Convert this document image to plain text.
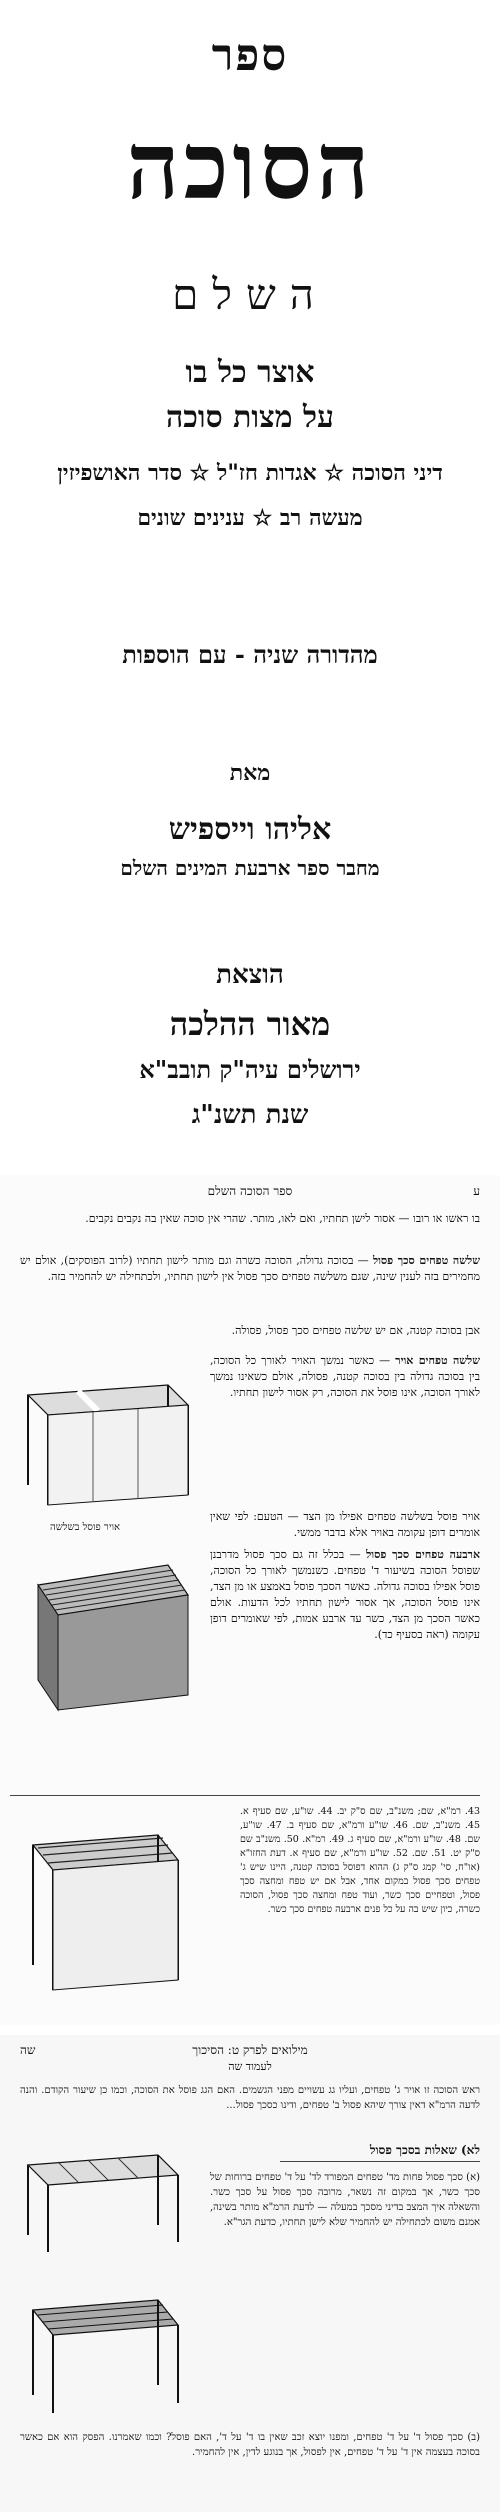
ספר
הסוכה
השלם
אוצר כל בו
על מצות סוכה
דיני הסוכה ☆ אגדות חז"ל ☆ סדר האושפיזין
מעשה רב ☆ ענינים שונים
מהדורה שניה - עם הוספות
מאת
אליהו וייספיש
מחבר ספר ארבעת המינים השלם
הוצאת
מאור ההלכה
ירושלים עיה"ק תובב"א
שנת תשנ"ג
ע
ספר הסוכה השלם
בו ראשו או רובו — אסור לישן תחתיו, ואם לאו, מותר. שהרי אין סוכה שאין בה נקבים נקבים.
שלשה טפחים סכך פסול — בסוכה גדולה, הסוכה כשרה וגם מותר לישון תחתיו (לרוב הפוסקים), אולם יש מחמירים בזה לענין שינה, שגם משלשה טפחים סכך פסול אין לישון תחתיו, ולכתחילה יש להחמיר בזה.
אבן בסוכה קטנה, אם יש שלשה טפחים סכך פסול, פסולה.
שלשה טפחים אויר — כאשר נמשך האויר לאורך כל הסוכה, בין בסוכה גדולה בין בסוכה קטנה, פסולה, אולם כשאינו נמשך לאורך הסוכה, אינו פוסל את הסוכה, רק אסור לישון תחתיו.
אויר פוסל בשלשה טפחים אפילו מן הצד — הטעם: לפי שאין אומרים דופן עקומה באויר אלא בדבר ממשי.
ארבעה טפחים סכך פסול — בכלל זה גם סכך פסול מדרבנן שפוסל הסוכה בשיעור ד' טפחים. כשנמשך לאורך כל הסוכה, פוסל אפילו בסוכה גדולה. כאשר הסכך פוסל באמצע או מן הצד, אינו פוסל הסוכה, אך אסור לישון תחתיו לכל הדעות. אולם כאשר הסכך מן הצד, כשר עד ארבע אמות, לפי שאומרים דופן עקומה (ראה בסעיף כד).
אויר פוסל בשלשה
43. רמ"א, שם; משנ"ב, שם ס"ק יב. 44. שו"ע, שם סעיף א. 45. משנ"ב, שם. 46. שו"ע ורמ"א, שם סעיף ב. 47. שו"ע, שם. 48. שו"ע ורמ"א, שם סעיף ג. 49. רמ"א. 50. משנ"ב שם ס"ק יט. 51. שם. 52. שו"ע ורמ"א, שם סעיף א. דעת החזו"א (או"ח, סי' קמג ס"ק ג) ההוא דפוסל בסוכה קטנה, היינו שיש ג' טפחים סכך פסול במקום אחד, אבל אם יש טפח ומחצה סכך פסול, וטפחיים סכך כשר, ועוד טפח ומחצה סכך פסול, הסוכה כשרה, כיון שיש בה על כל פנים ארבעה טפחים סכך כשר.
שה	מילואים לפרק ט: הסיכוך
לעמוד שה
ראש הסוכה זו אויר ג' טפחים, ועליו גג עשויים מפני הגשמים. האם הגג פוסל את הסוכה, וכמו כן שיעור הקודם. והנה לדעה הרמ"א דאין צורך שיהא פסול ב' טפחים, ודינו כסכך פסול...
לא) שאלות בסכך פסול
(א) סכך פסול פחות מד' טפחים המפורד לד' על ד' טפחים ברוחות של סכך כשר, אך במקום זה נשאר, מרובה סכך פסול על סכך כשר. והשאלה איך המצב בדיני מסכך במעלה — לדעת הרמ"א מותר בשינה, אמנם משום לכתחילה יש להחמיר שלא לישן תחתיו, כדעת הגר"א.
(ב) סכך פסול ד' על ד' טפחים, ומפנו יוצא זכב שאין בו ד' על ד', האם פוסל? וכמו שאמרנו. הפסק הוא אם כאשר בסוכה בעצמה אין ד' על ד' טפחים, אין לפסול, אך בנוגע לדין, אין להחמיר.
